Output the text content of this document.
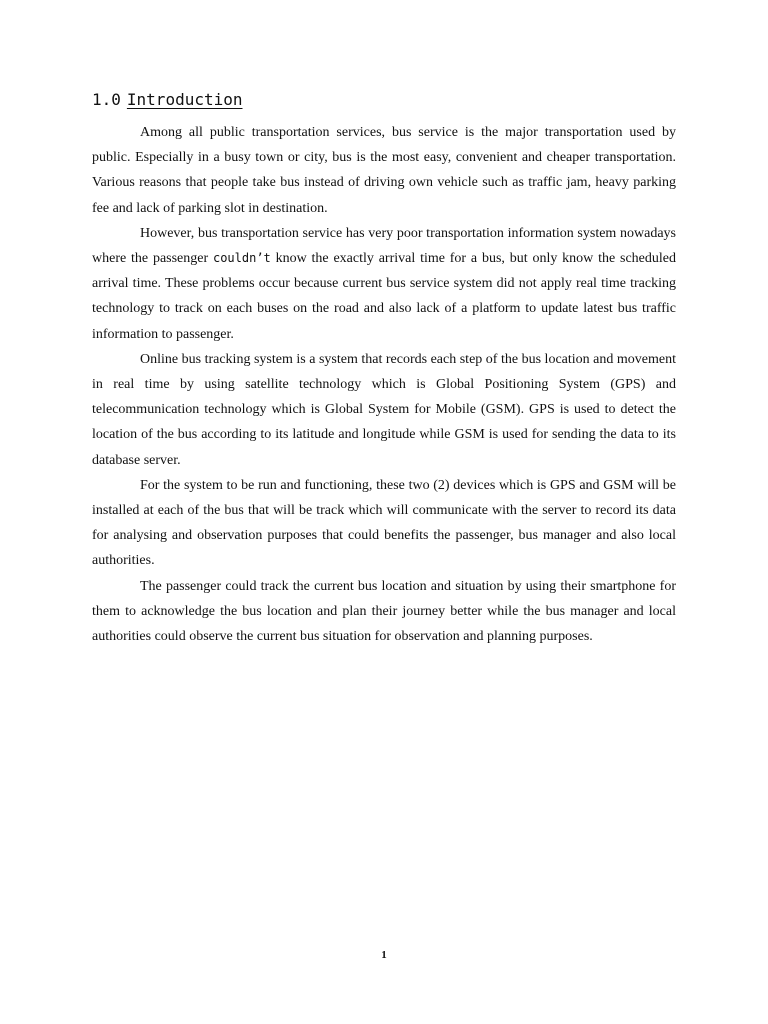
1.0 Introduction

Among all public transportation services, bus service is the major transportation used by public. Especially in a busy town or city, bus is the most easy, convenient and cheaper transportation. Various reasons that people take bus instead of driving own vehicle such as traffic jam, heavy parking fee and lack of parking slot in destination.

However, bus transportation service has very poor transportation information system nowadays where the passenger couldn’t know the exactly arrival time for a bus, but only know the scheduled arrival time. These problems occur because current bus service system did not apply real time tracking technology to track on each buses on the road and also lack of a platform to update latest bus traffic information to passenger.

Online bus tracking system is a system that records each step of the bus location and movement in real time by using satellite technology which is Global Positioning System (GPS) and telecommunication technology which is Global System for Mobile (GSM). GPS is used to detect the location of the bus according to its latitude and longitude while GSM is used for sending the data to its database server.

For the system to be run and functioning, these two (2) devices which is GPS and GSM will be installed at each of the bus that will be track which will communicate with the server to record its data for analysing and observation purposes that could benefits the passenger, bus manager and also local authorities.

The passenger could track the current bus location and situation by using their smartphone for them to acknowledge the bus location and plan their journey better while the bus manager and local authorities could observe the current bus situation for observation and planning purposes.

1
